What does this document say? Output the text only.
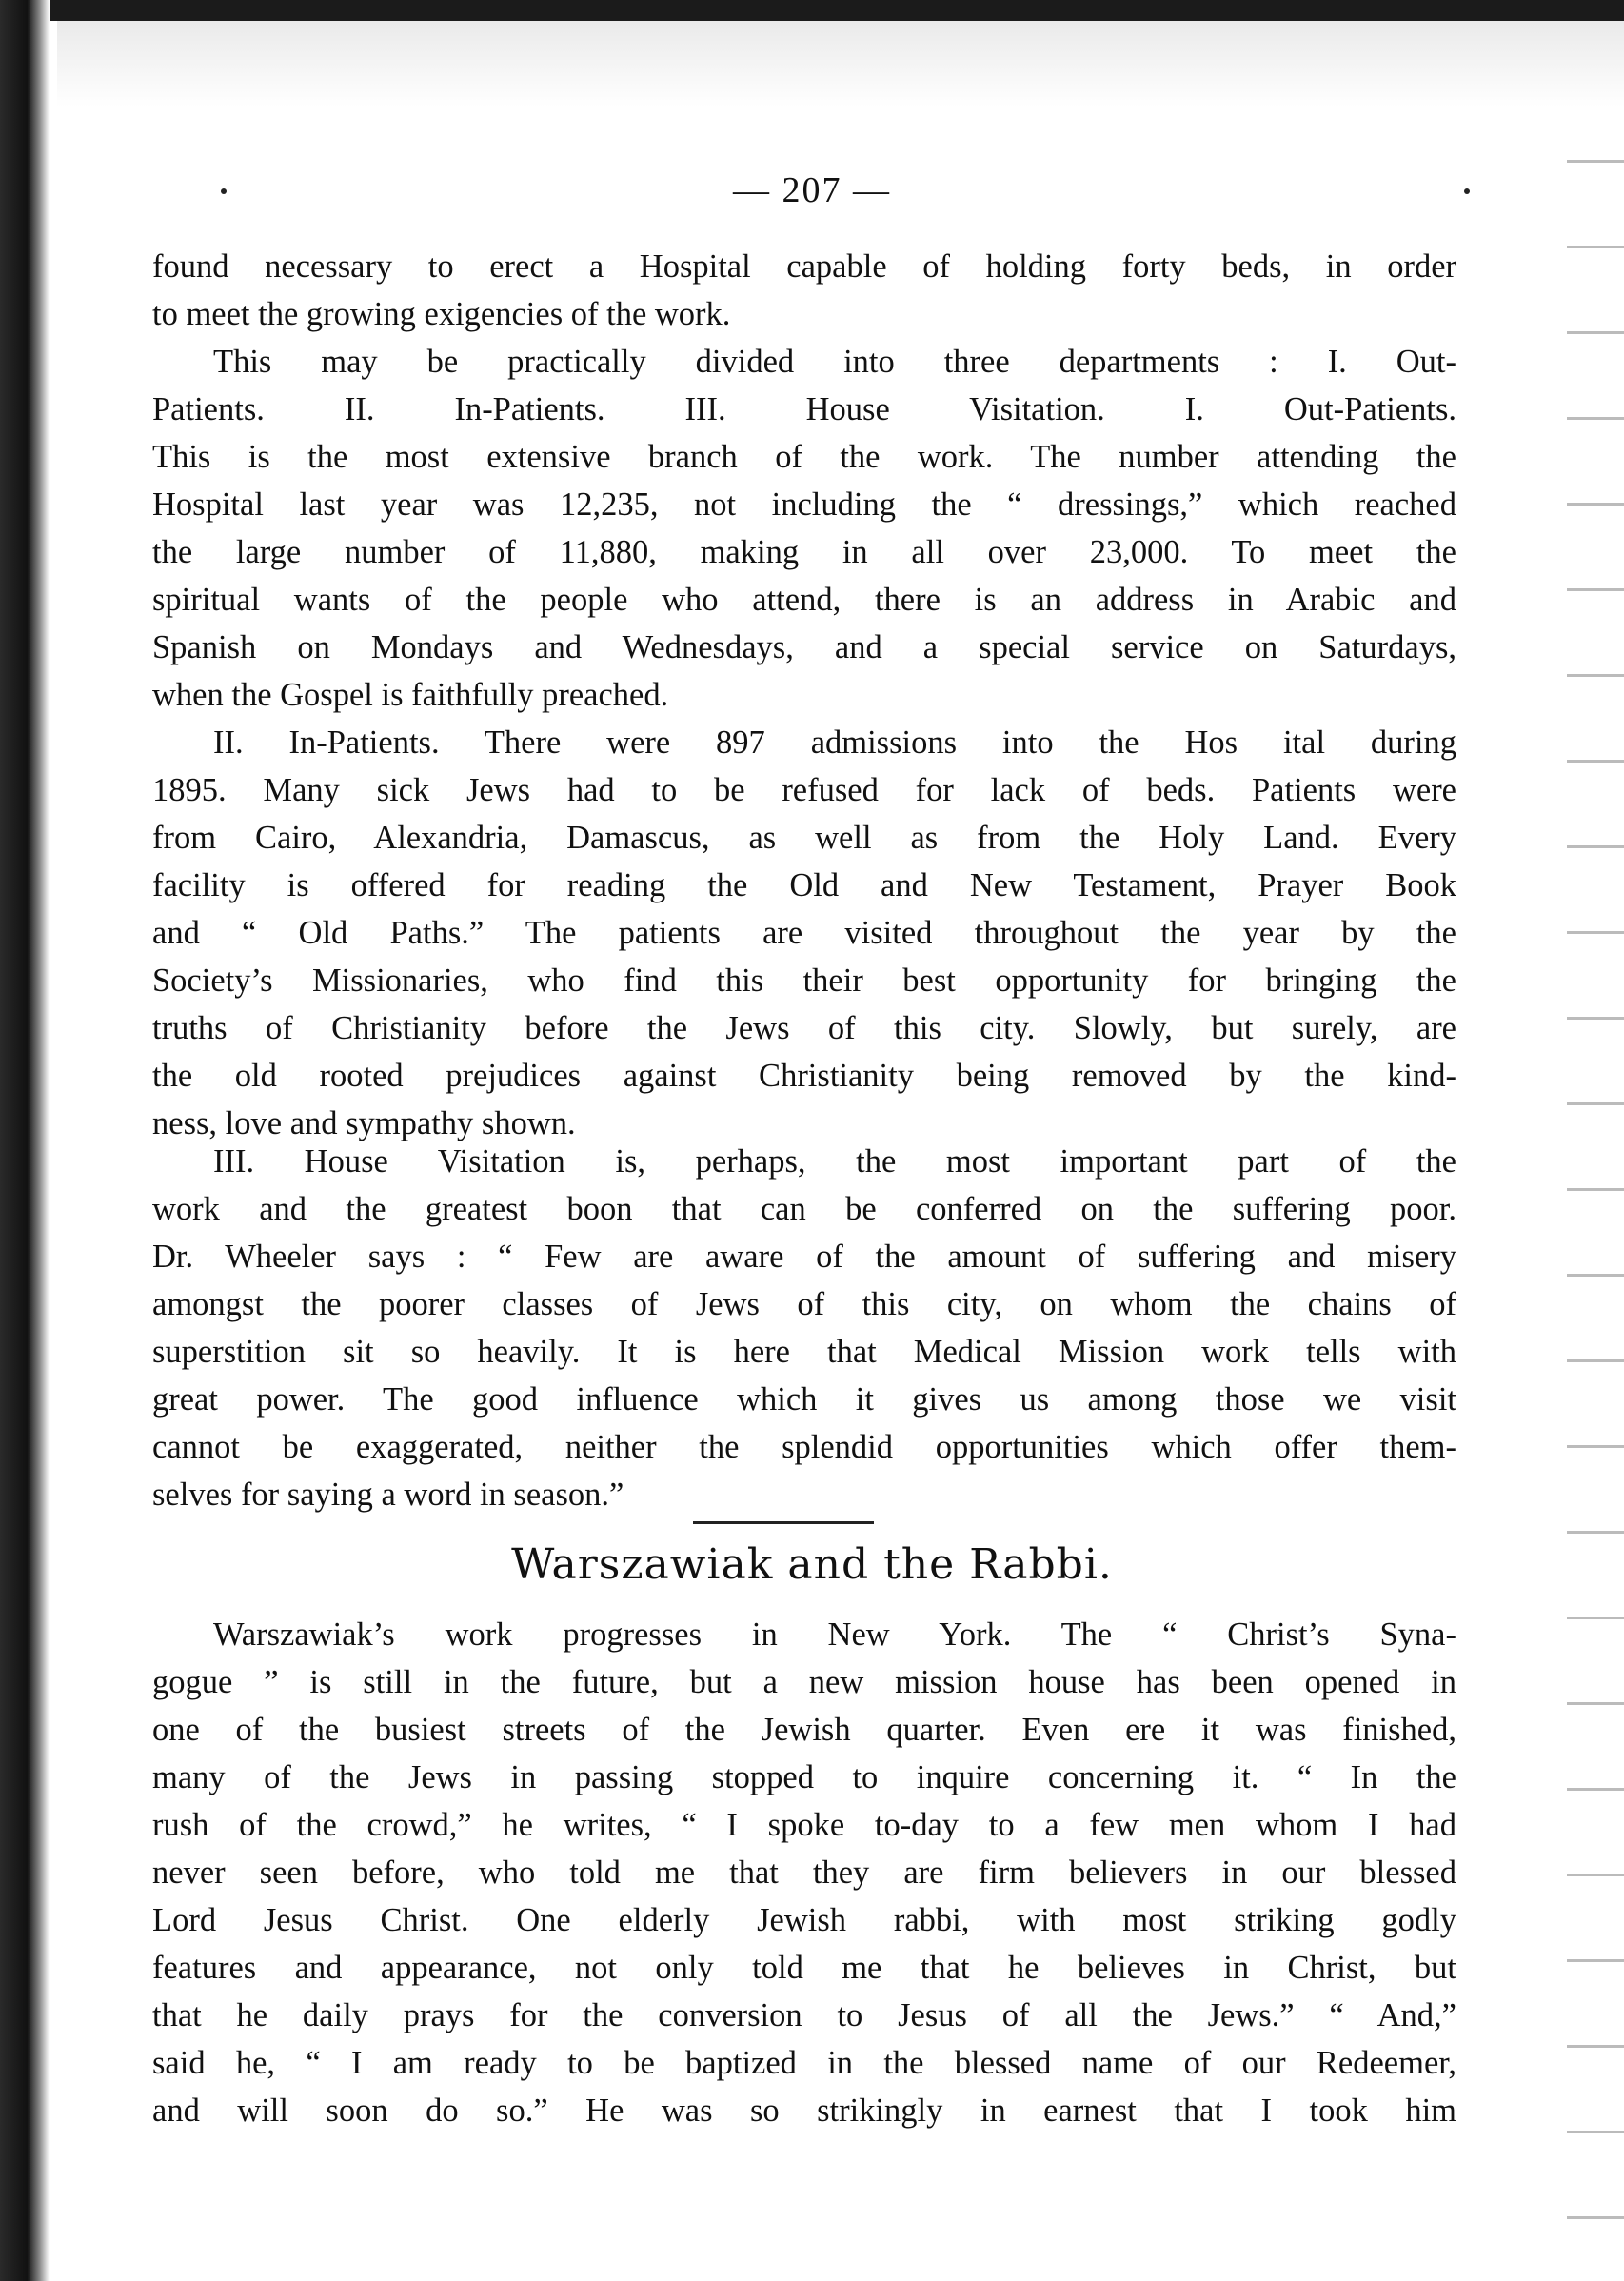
— 207 —
found necessary to erect a Hospital capable of holding forty beds, in order
to meet the growing exigencies of the work.
This may be practically divided into three departments : I. Out-
Patients. II. In-Patients. III. House Visitation. I. Out-Patients.
This is the most extensive branch of the work. The number attending the
Hospital last year was 12,235, not including the “ dressings,” which reached
the large number of 11,880, making in all over 23,000. To meet the
spiritual wants of the people who attend, there is an address in Arabic and
Spanish on Mondays and Wednesdays, and a special service on Saturdays,
when the Gospel is faithfully preached.
II. In-Patients. There were 897 admissions into the Hos ital during
1895. Many sick Jews had to be refused for lack of beds. Patients were
from Cairo, Alexandria, Damascus, as well as from the Holy Land. Every
facility is offered for reading the Old and New Testament, Prayer Book
and “ Old Paths.” The patients are visited throughout the year by the
Society’s Missionaries, who find this their best opportunity for bringing the
truths of Christianity before the Jews of this city. Slowly, but surely, are
the old rooted prejudices against Christianity being removed by the kind-
ness, love and sympathy shown.
III. House Visitation is, perhaps, the most important part of the
work and the greatest boon that can be conferred on the suffering poor.
Dr. Wheeler says : “ Few are aware of the amount of suffering and misery
amongst the poorer classes of Jews of this city, on whom the chains of
superstition sit so heavily. It is here that Medical Mission work tells with
great power. The good influence which it gives us among those we visit
cannot be exaggerated, neither the splendid opportunities which offer them-
selves for saying a word in season.”
Warszawiak and the Rabbi.
Warszawiak’s work progresses in New York. The “ Christ’s Syna-
gogue ” is still in the future, but a new mission house has been opened in
one of the busiest streets of the Jewish quarter. Even ere it was finished,
many of the Jews in passing stopped to inquire concerning it. “ In the
rush of the crowd,” he writes, “ I spoke to-day to a few men whom I had
never seen before, who told me that they are firm believers in our blessed
Lord Jesus Christ. One elderly Jewish rabbi, with most striking godly
features and appearance, not only told me that he believes in Christ, but
that he daily prays for the conversion to Jesus of all the Jews.” “ And,”
said he, “ I am ready to be baptized in the blessed name of our Redeemer,
and will soon do so.” He was so strikingly in earnest that I took him
